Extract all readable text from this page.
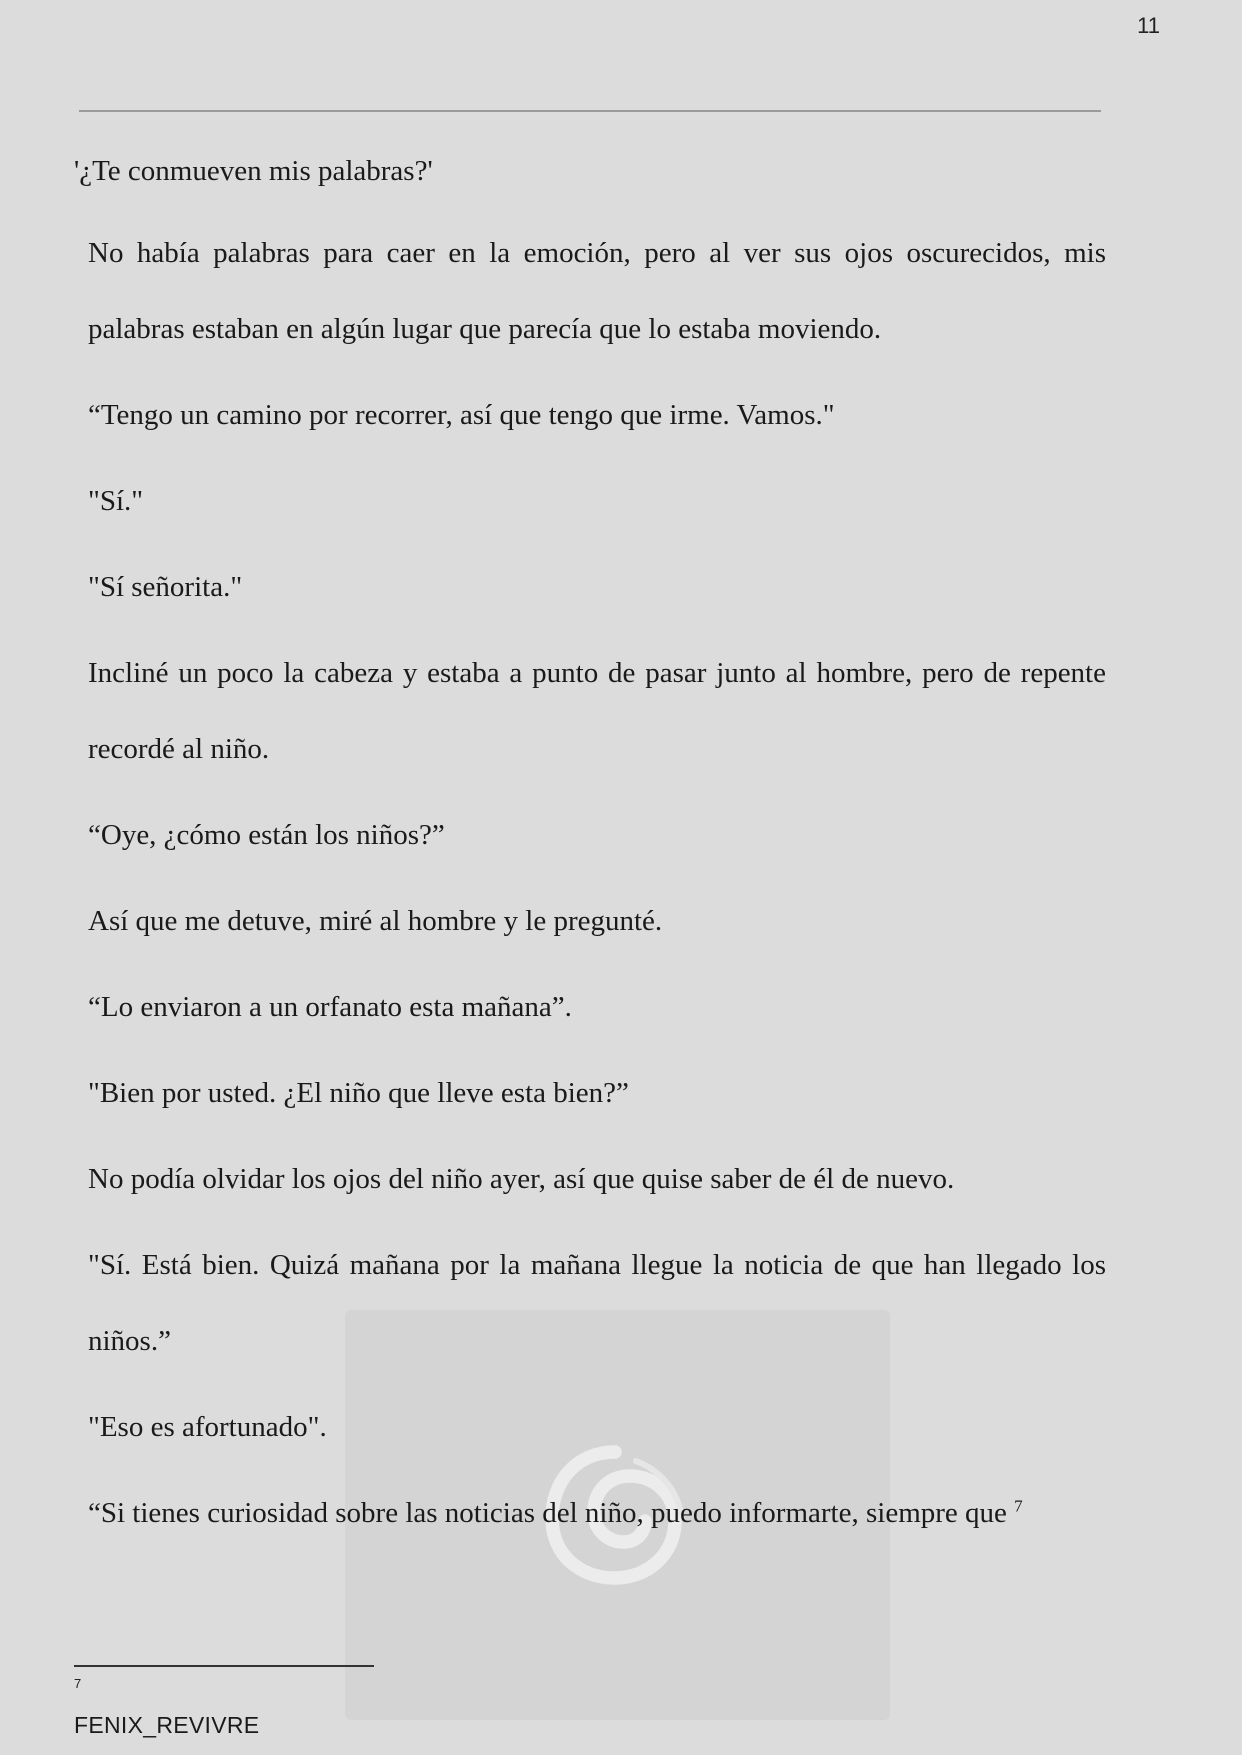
11

'¿Te conmueven mis palabras?'

No había palabras para caer en la emoción, pero al ver sus ojos oscurecidos, mis palabras estaban en algún lugar que parecía que lo estaba moviendo.

“Tengo un camino por recorrer, así que tengo que irme. Vamos."

"Sí."

"Sí señorita."

Incliné un poco la cabeza y estaba a punto de pasar junto al hombre, pero de repente recordé al niño.

“Oye, ¿cómo están los niños?”

Así que me detuve, miré al hombre y le pregunté.

“Lo enviaron a un orfanato esta mañana”.

"Bien por usted. ¿El niño que lleve esta bien?”

No podía olvidar los ojos del niño ayer, así que quise saber de él de nuevo.

"Sí. Está bien. Quizá mañana por la mañana llegue la noticia de que han llegado los niños.”

"Eso es afortunado".

“Si tienes curiosidad sobre las noticias del niño, puedo informarte, siempre que $^7$

7
FENIX_REVIVRE
